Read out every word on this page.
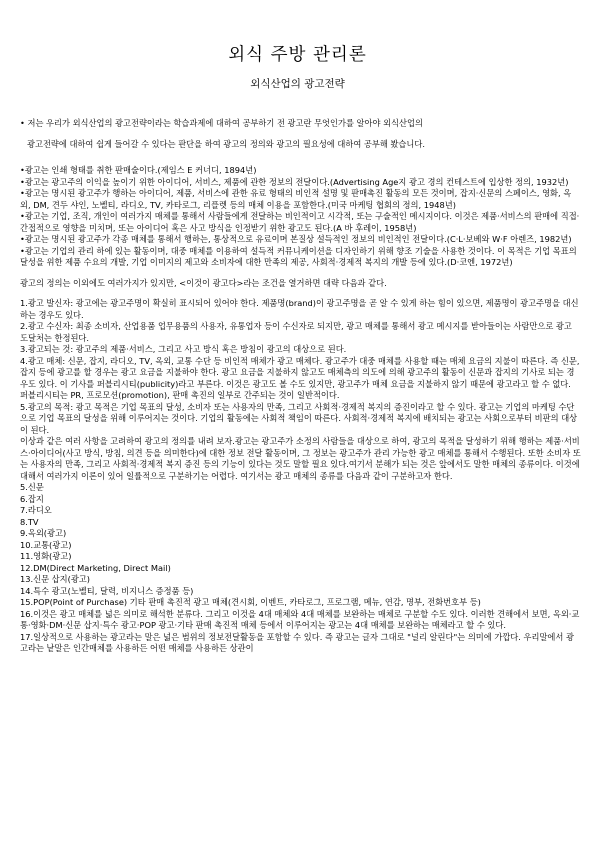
외식 주방 관리론
외식산업의 광고전략

• 저는 우리가 외식산업의 광고전략이라는 학습과제에 대하여 공부하기 전 광고란 무엇인가를 알아야 외식산업의

광고전략에 대하여 쉽게 들어갈 수 있다는 판단을 하여 광고의 정의와 광고의 필요성에 대하여 공부해 봤습니다.

•광고는 인쇄 형태를 취한 판매술이다.(제임스 E 커너디, 1894년)

•광고는 광고주의 이익을 높이기 위한 아이디어, 서비스, 제품에 관한 정보의 전달이다.(Advertising Age지 광고 경의 컨테스트에 입상한 정의, 1932년)

•광고는 명시된 광고주가 행하는 아이디어, 제품, 서비스에 관한 유료 형태의 비인적 설명 및 판매촉진 활동의 모든 것이며, 잡지·신문의 스페이스, 영화, 옥외, DM, 견두 샤인, 노벨티, 라디오, TV, 카타로그, 리플렛 등의 매체 이용을 포함한다.(미국 마케팅 협회의 정의, 1948년)

•광고는 기업, 조직, 개인이 여러가지 매체를 통해서 사람들에게 전달하는 비인적이고 시각적, 또는 구술적인 메시지이다. 이것은 제품·서비스의 판매에 직접·간접적으로 영향을 미치며, 또는 아이디어 혹은 사고 방식을 인정받기 위한 광고도 된다.(A 바 후레이, 1958년)

•광고는 명시된 광고주가 각종 매체를 통해서 행하는, 통상적으로 유료이며 본질상 설득적인 정보의 비인적인 전달이다.(C·L·보베와 W·F 아렌즈, 1982년)

•광고는 기업의 관리 하에 있는 활동이며, 대중 매체를 이용하여 설득적 커뮤니케이션을 디자인하기 위해 향조 기술을 사용한 것이다. 이 목적은 기업 목표의 달성을 위한 제품 수요의 개발, 기업 이미지의 제고와 소비자에 대한 만족의 제공, 사회적·경제적 복지의 개발 등에 있다.(D·코엔, 1972년)

광고의 정의는 이외에도 여러가지가 있지만, <이것이 광고다>라는 조건을 열거하면 대략 다음과 같다.

1.광고 발신자: 광고에는 광고주명이 확실히 표시되어 있어야 한다. 제품명(brand)이 광고주명을 곧 알 수 있게 하는 힘이 있으면, 제품명이 광고주명을 대신하는 경우도 있다.

2.광고 수신자: 최종 소비자, 산업용품 업무용품의 사용자, 유통업자 등이 수신자로 되지만, 광고 매체를 통해서 광고 메시지를 받아들이는 사람만으로 광고 도달처는 한정된다.

3.광고되는 것: 광고주의 제품·서비스, 그리고 사고 방식 혹은 방침이 광고의 대상으로 된다.

4.광고 매체: 신문, 잡지, 라디오, TV, 옥외, 교통 수단 등 비인적 매체가 광고 매체다. 광고주가 대중 매체를 사용할 때는 매체 요금의 지불이 따른다. 즉 신문, 잡지 등에 광고를 할 경우는 광고 요금을 지불하야 한다. 광고 요금을 지불하지 않고도 매체측의 의도에 의해 광고주의 활동이 신문과 잡지의 기사로 되는 경우도 있다. 이 기사를 퍼블리시티(publicity)라고 부른다. 이것은 광고도 볼 수도 있지만, 광고주가 매체 요금을 지불하지 않기 때문에 광고라고 할 수 없다. 퍼블리시티는 PR, 프로모션(promotion), 판매 촉진의 일부로 간주되는 것이 일반적이다.

5.광고의 목적: 광고 목적은 기업 목표의 달성, 소비자 또는 사용자의 만족, 그리고 사회적·경제적 복지의 증진이라고 할 수 있다. 광고는 기업의 마케팅 수단으로 기업 목표의 달성을 위해 이루어지는 것이다. 기업의 활동에는 사회적 책임이 따른다. 사회적·경제적 복지에 배치되는 광고는 사회으로부터 비판의 대상이 된다.

이상과 같은 여러 사항을 고려하여 광고의 정의를 내려 보자.광고는 광고주가 소정의 사람들을 대상으로 하여, 광고의 목적을 달성하기 위해 행하는 제품·서비스·아이디어(사고 방식, 방침, 의견 등을 의미한다)에 대한 정보 전달 활동이며, 그 정보는 광고주가 관리 가능한 광고 매체를 통해서 수행된다. 또한 소비자 또는 사용자의 만족, 그리고 사회적·경제적 복지 증진 등의 기능이 있다는 것도 말할 필요 있다.여기서 분해가 되는 것은 앞에서도 말한 매체의 종류이다. 이것에 대해서 여러가지 이론이 있어 일률적으로 구분하기는 어렵다. 여기서는 광고 매체의 종류를 다음과 같이 구분하고자 한다.

5.신문

6.잡지

7.라디오

8.TV

9.옥외(광고)

10.교통(광고)

11.영화(광고)

12.DM(Direct Marketing, Direct Mail)

13.신문 삽지(광고)

14.특수 광고(노벨티, 달력, 비지니스 증정품 등)

15.POP(Point of Purchase) 기타 판매 촉진적 광고 매체(견시회, 이벤트, 카타로그, 프로그램, 메뉴, 연감, 명부, 전화번호부 등)

16.이것은 광고 매체를 넓은 의미로 해석한 분류다. 그리고 이것을 4대 매체와 4대 매체를 보완하는 매체로 구분할 수도 있다. 이러한 견해에서 보면, 옥외·교통·영화·DM·신문 삽지·특수 광고·POP 광고·기타 판매 촉진적 매체 등에서 이루어지는 광고는 4대 매체를 보완하는 매체라고 할 수 있다.

17.일상적으로 사용하는 광고라는 말은 넓은 범위의 정보전달활동을 포함할 수 있다. 즉 광고는 글자 그대로 "널리 알린다"는 의미에 가깝다. 우리말에서 광고라는 낱말은 인간매체를 사용하든 어떤 매체를 사용하든 상관이
